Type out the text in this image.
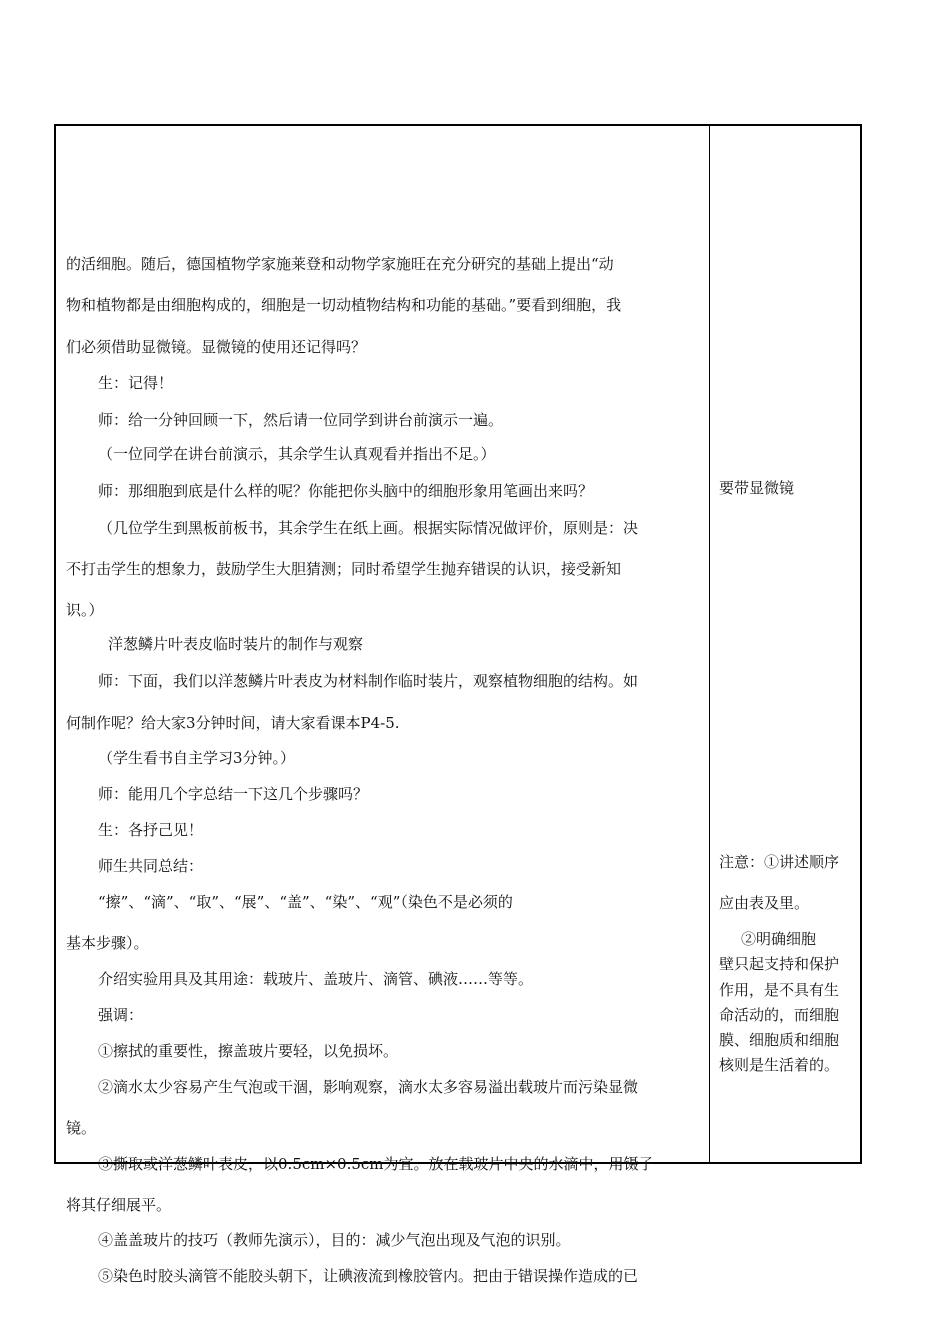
的活细胞。随后，德国植物学家施莱登和动物学家施旺在充分研究的基础上提出“动
物和植物都是由细胞构成的，细胞是一切动植物结构和功能的基础。”要看到细胞，我
们必须借助显微镜。显微镜的使用还记得吗？
生：记得！
师：给一分钟回顾一下，然后请一位同学到讲台前演示一遍。
（一位同学在讲台前演示，其余学生认真观看并指出不足。）
师：那细胞到底是什么样的呢？你能把你头脑中的细胞形象用笔画出来吗？
（几位学生到黑板前板书，其余学生在纸上画。根据实际情况做评价，原则是：决
不打击学生的想象力，鼓励学生大胆猜测；同时希望学生抛弃错误的认识，接受新知
识。）
洋葱鳞片叶表皮临时装片的制作与观察
师：下面，我们以洋葱鳞片叶表皮为材料制作临时装片，观察植物细胞的结构。如
何制作呢？给大家3分钟时间，请大家看课本P4-5.
（学生看书自主学习3分钟。）
师：能用几个字总结一下这几个步骤吗？
生：各抒己见！
师生共同总结：
“擦”、“滴”、“取”、“展”、“盖”、“染”、“观”（染色不是必须的
基本步骤）。
介绍实验用具及其用途：载玻片、盖玻片、滴管、碘液……等等。
强调：
①擦拭的重要性，擦盖玻片要轻，以免损坏。
②滴水太少容易产生气泡或干涸，影响观察，滴水太多容易溢出载玻片而污染显微
镜。
③撕取或洋葱鳞叶表皮，以0.5cm×0.5cm为宜。放在载玻片中央的水滴中，用镊子
将其仔细展平。
④盖盖玻片的技巧（教师先演示），目的：减少气泡出现及气泡的识别。
⑤染色时胶头滴管不能胶头朝下，让碘液流到橡胶管内。把由于错误操作造成的已
要带显微镜
注意：①讲述顺序
应由表及里。
②明确细胞
壁只起支持和保护
作用，是不具有生
命活动的，而细胞
膜、细胞质和细胞
核则是生活着的。
